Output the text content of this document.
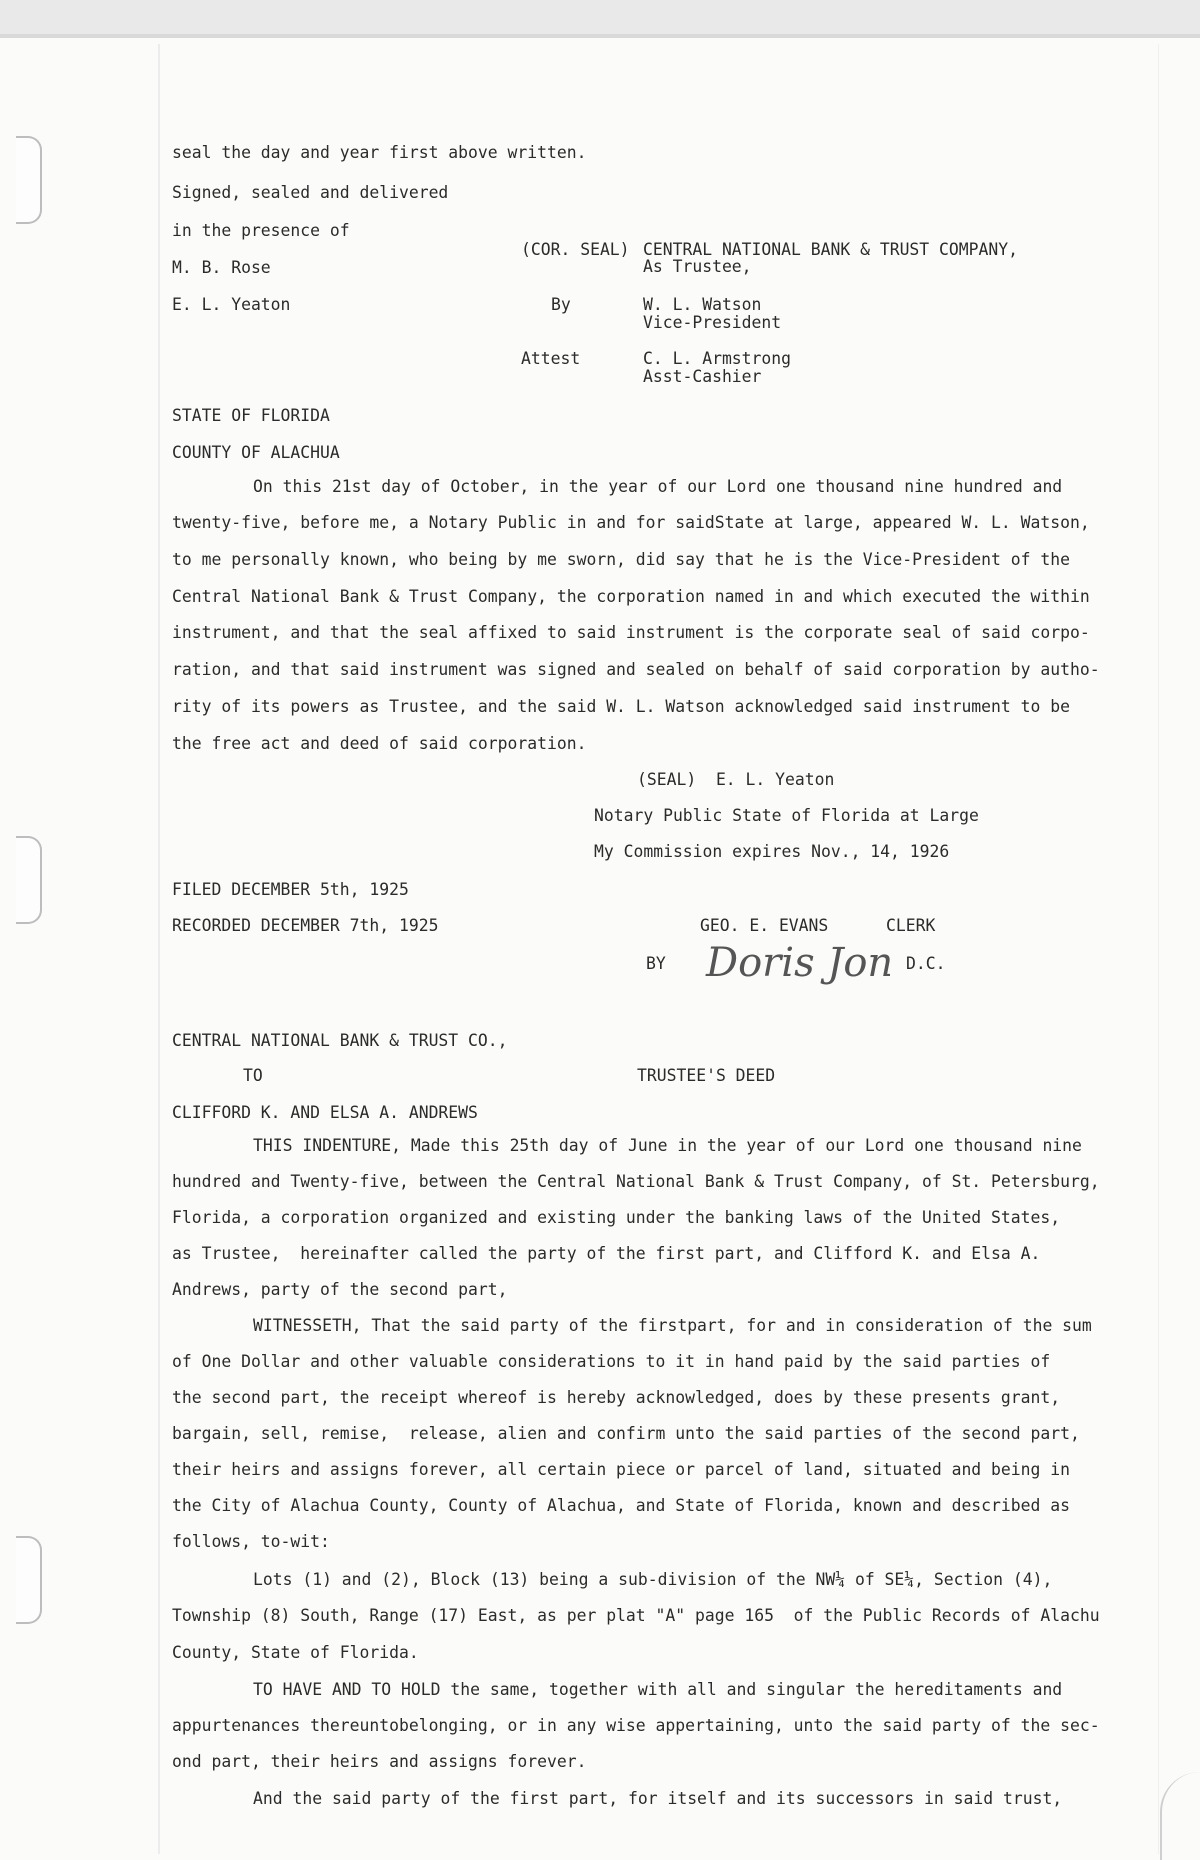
seal the day and year first above written.
Signed, sealed and delivered
in the presence of
M. B. Rose
E. L. Yeaton
(COR. SEAL) CENTRAL NATIONAL BANK & TRUST COMPANY,
As Trustee,
By	W. L. Watson
Vice-President
Attest	C. L. Armstrong
Asst-Cashier
STATE OF FLORIDA
COUNTY OF ALACHUA
On this 21st day of October, in the year of our Lord one thousand nine hundred and
twenty-five, before me, a Notary Public in and for saidState at large, appeared W. L. Watson,
to me personally known, who being by me sworn, did say that he is the Vice-President of the
Central National Bank & Trust Company, the corporation named in and which executed the within
instrument, and that the seal affixed to said instrument is the corporate seal of said corpo-
ration, and that said instrument was signed and sealed on behalf of said corporation by autho-
rity of its powers as Trustee, and the said W. L. Watson acknowledged said instrument to be
the free act and deed of said corporation.
(SEAL)  E. L. Yeaton
Notary Public State of Florida at Large
My Commission expires Nov., 14, 1926
FILED DECEMBER 5th, 1925
RECORDED DECEMBER 7th, 1925	GEO. E. EVANS	CLERK
BY Doris Jo	D.C.
CENTRAL NATIONAL BANK & TRUST CO.,
TO	TRUSTEE'S DEED
CLIFFORD K. AND ELSA A. ANDREWS
THIS INDENTURE, Made this 25th day of June in the year of our Lord one thousand nine
hundred and Twenty-five, between the Central National Bank & Trust Company, of St. Petersburg,
Florida, a corporation organized and existing under the banking laws of the United States,
as Trustee,  hereinafter called the party of the first part, and Clifford K. and Elsa A.
Andrews, party of the second part,
WITNESSETH, That the said party of the firstpart, for and in consideration of the sum
of One Dollar and other valuable considerations to it in hand paid by the said parties of
the second part, the receipt whereof is hereby acknowledged, does by these presents grant,
bargain, sell, remise,  release, alien and confirm unto the said parties of the second part,
their heirs and assigns forever, all certain piece or parcel of land, situated and being in
the City of Alachua County, County of Alachua, and State of Florida, known and described as
follows, to-wit:
Lots (1) and (2), Block (13) being a sub-division of the NW¼ of SE¼, Section (4),
Township (8) South, Range (17) East, as per plat "A" page 165  of the Public Records of Alachu
County, State of Florida.
TO HAVE AND TO HOLD the same, together with all and singular the hereditaments and
appurtenances thereuntobelonging, or in any wise appertaining, unto the said party of the sec-
ond part, their heirs and assigns forever.
And the said party of the first part, for itself and its successors in said trust,
